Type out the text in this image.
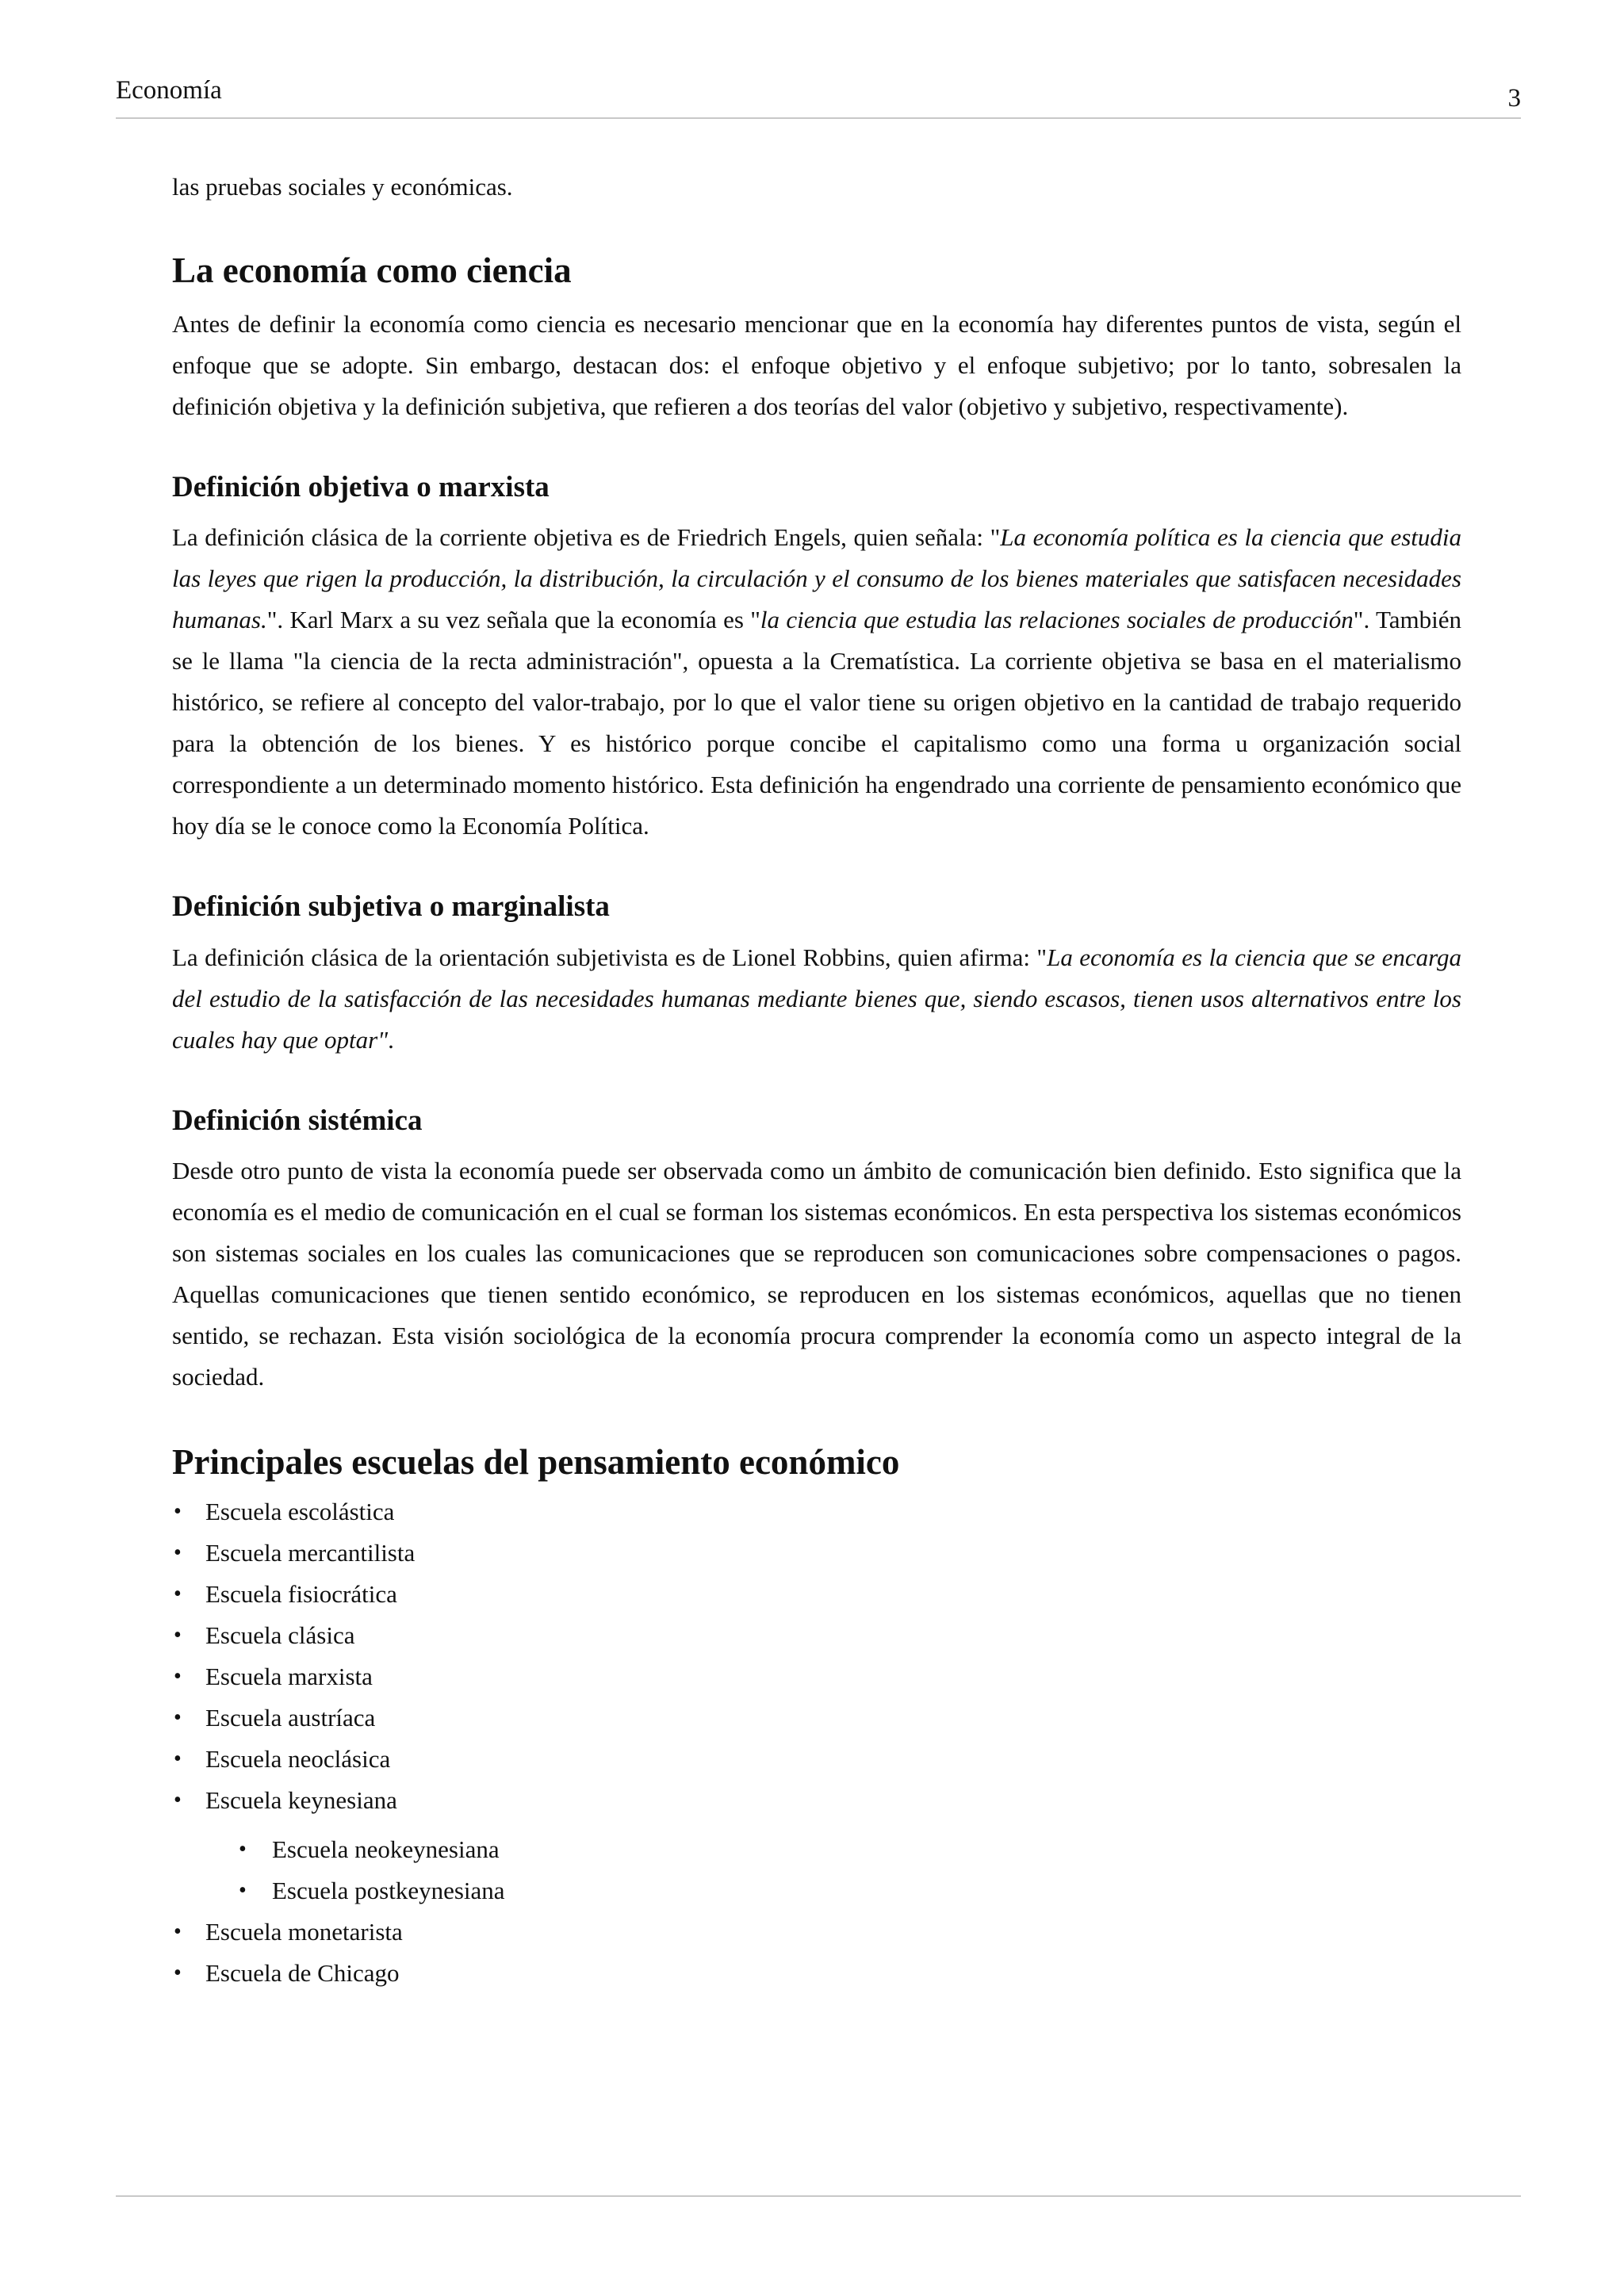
Economía	3

las pruebas sociales y económicas.

La economía como ciencia

Antes de definir la economía como ciencia es necesario mencionar que en la economía hay diferentes puntos de vista, según el enfoque que se adopte. Sin embargo, destacan dos: el enfoque objetivo y el enfoque subjetivo; por lo tanto, sobresalen la definición objetiva y la definición subjetiva, que refieren a dos teorías del valor (objetivo y subjetivo, respectivamente).

Definición objetiva o marxista

La definición clásica de la corriente objetiva es de Friedrich Engels, quien señala: "La economía política es la ciencia que estudia las leyes que rigen la producción, la distribución, la circulación y el consumo de los bienes materiales que satisfacen necesidades humanas.". Karl Marx a su vez señala que la economía es "la ciencia que estudia las relaciones sociales de producción". También se le llama "la ciencia de la recta administración", opuesta a la Crematística. La corriente objetiva se basa en el materialismo histórico, se refiere al concepto del valor-trabajo, por lo que el valor tiene su origen objetivo en la cantidad de trabajo requerido para la obtención de los bienes. Y es histórico porque concibe el capitalismo como una forma u organización social correspondiente a un determinado momento histórico. Esta definición ha engendrado una corriente de pensamiento económico que hoy día se le conoce como la Economía Política.

Definición subjetiva o marginalista

La definición clásica de la orientación subjetivista es de Lionel Robbins, quien afirma: "La economía es la ciencia que se encarga del estudio de la satisfacción de las necesidades humanas mediante bienes que, siendo escasos, tienen usos alternativos entre los cuales hay que optar".

Definición sistémica

Desde otro punto de vista la economía puede ser observada como un ámbito de comunicación bien definido. Esto significa que la economía es el medio de comunicación en el cual se forman los sistemas económicos. En esta perspectiva los sistemas económicos son sistemas sociales en los cuales las comunicaciones que se reproducen son comunicaciones sobre compensaciones o pagos. Aquellas comunicaciones que tienen sentido económico, se reproducen en los sistemas económicos, aquellas que no tienen sentido, se rechazan. Esta visión sociológica de la economía procura comprender la economía como un aspecto integral de la sociedad.

Principales escuelas del pensamiento económico
• Escuela escolástica
• Escuela mercantilista
• Escuela fisiocrática
• Escuela clásica
• Escuela marxista
• Escuela austríaca
• Escuela neoclásica
• Escuela keynesiana
• Escuela neokeynesiana
• Escuela postkeynesiana
• Escuela monetarista
• Escuela de Chicago
